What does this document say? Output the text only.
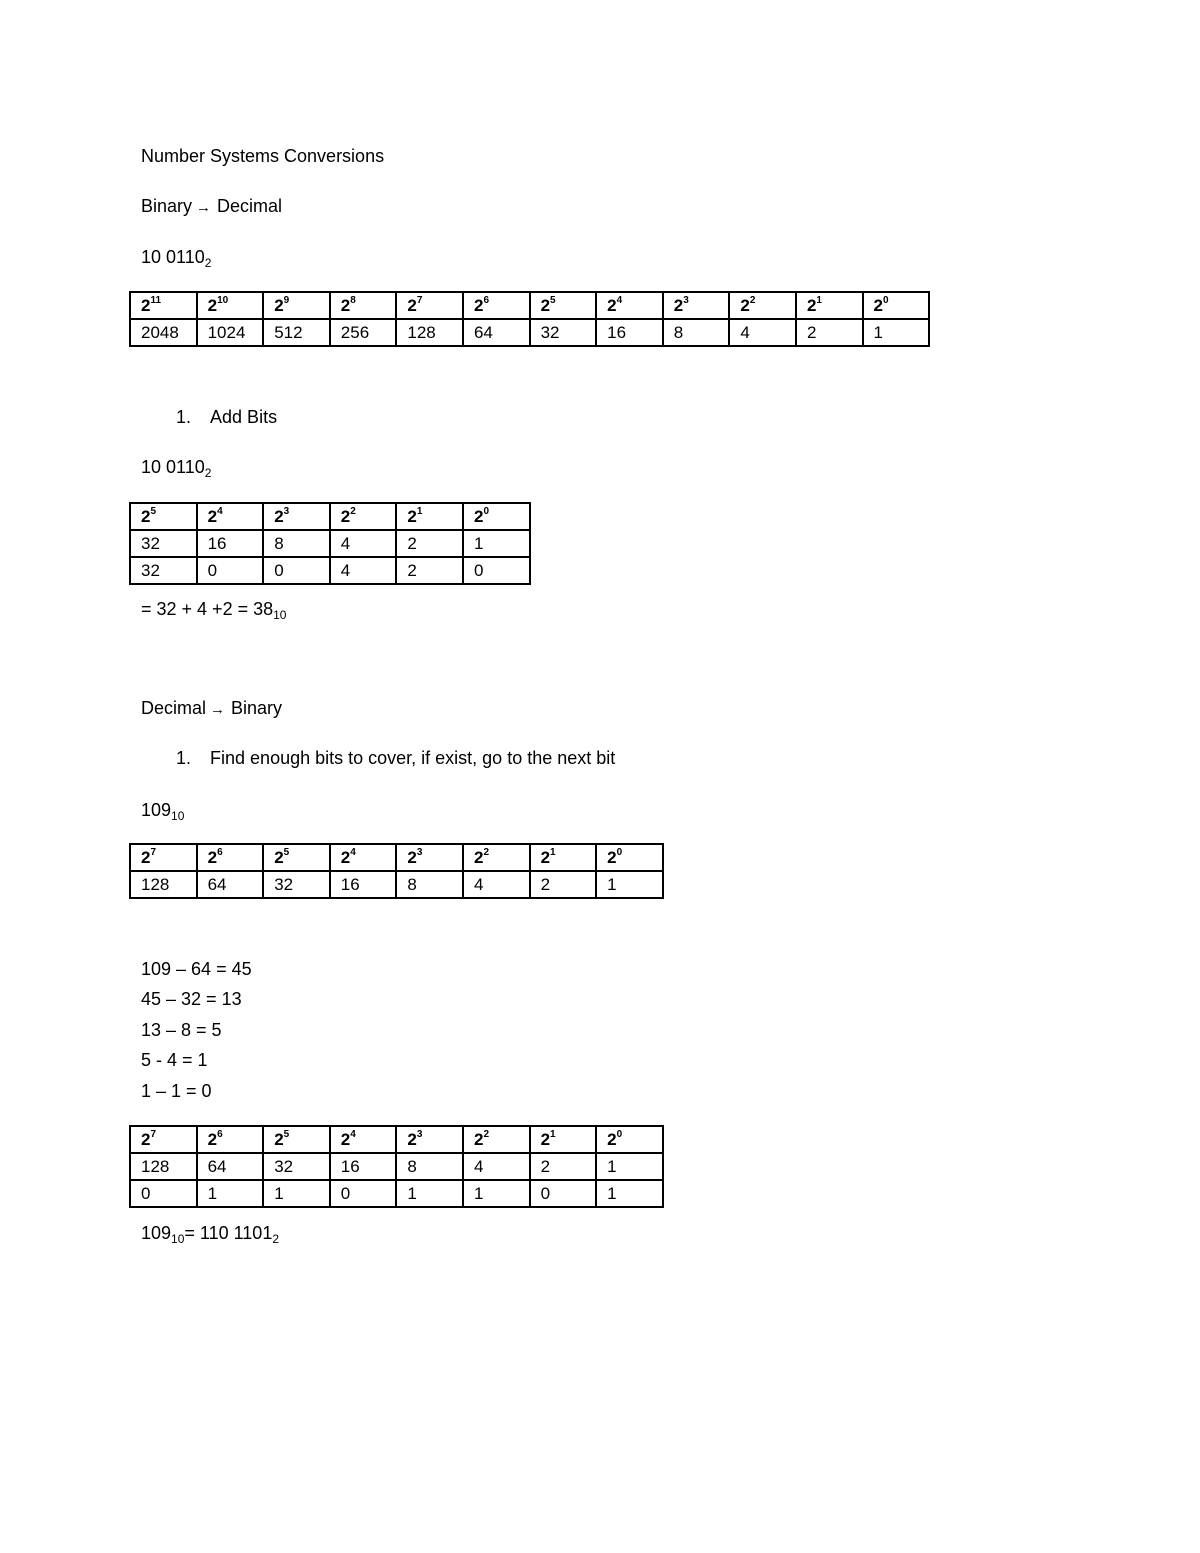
Number Systems Conversions
Binary → Decimal
10 $0110_2$
$2^{11}$	$2^{10}$	$2^9$	$2^8$	$2^7$	$2^6$	$2^5$	$2^4$	$2^3$	$2^2$	$2^1$	$2^0$
2048	1024	512	256	128	64	32	16	8	4	2	1
1. Add Bits
10 $0110_2$
$2^5$	$2^4$	$2^3$	$2^2$	$2^1$	$2^0$
32	16	8	4	2	1
32	0	0	4	2	0
= $32 + 4 +2 = 38_{10}$
Decimal → Binary
1. Find enough bits to cover, if exist, go to the next bit
$109_{10}$
$2^7$	$2^6$	$2^5$	$2^4$	$2^3$	$2^2$	$2^1$	$2^0$
128	64	32	16	8	4	2	1
109 – 64 = 45
45 – 32 = 13
13 – 8 = 5
5 - 4 = 1
1 – 1 = 0
$2^7$	$2^6$	$2^5$	$2^4$	$2^3$	$2^2$	$2^1$	$2^0$
128	64	32	16	8	4	2	1
0	1	1	0	1	1	0	1
$109_{10}= 110$ $1101_2$
